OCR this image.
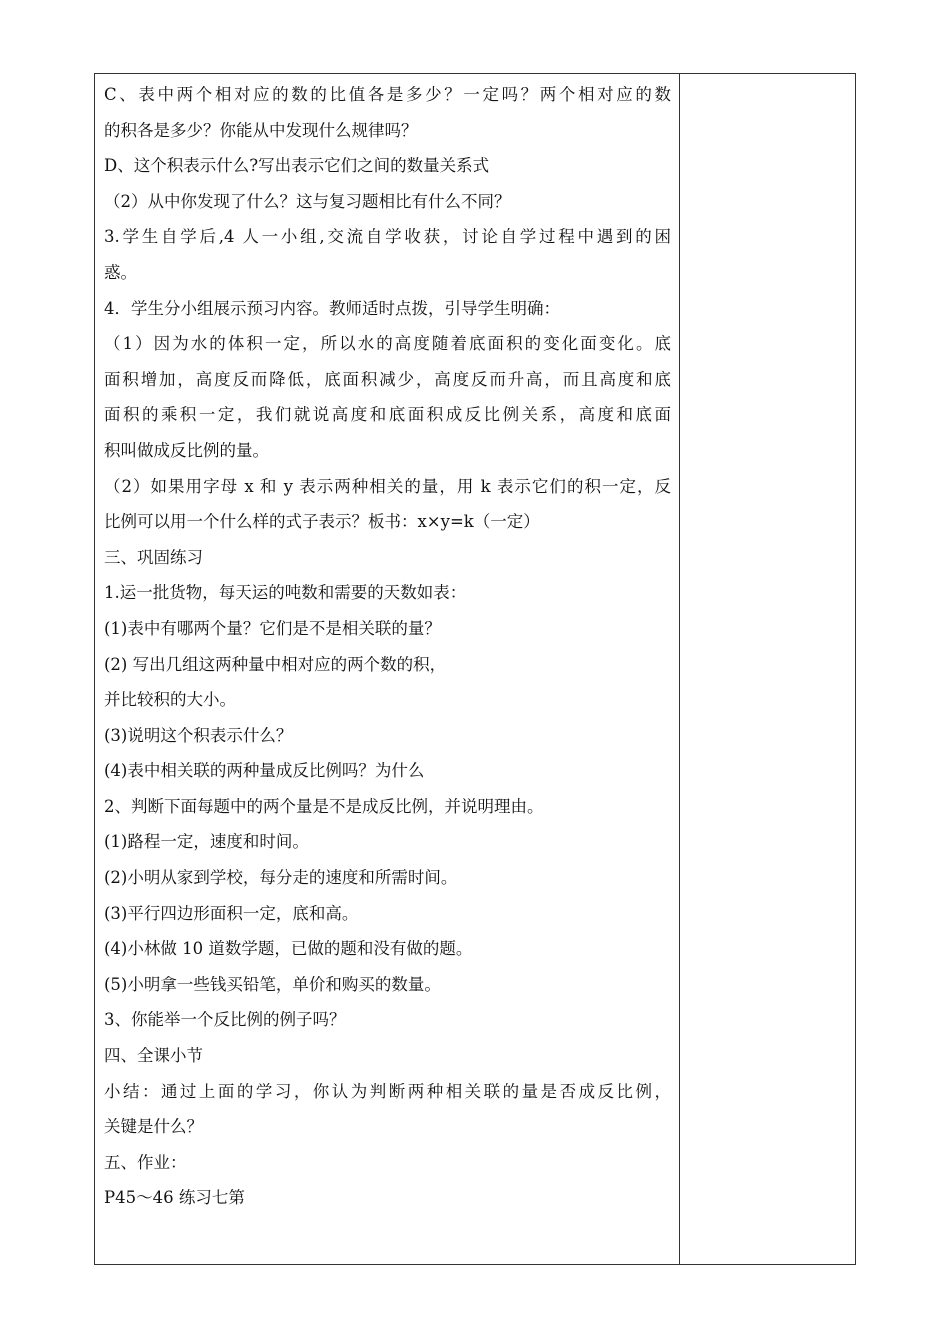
C、表中两个相对应的数的比值各是多少？一定吗？两个相对应的数
的积各是多少？你能从中发现什么规律吗？
D、这个积表示什么?写出表示它们之间的数量关系式
（2）从中你发现了什么？这与复习题相比有什么不同？
3.学生自学后,4 人一小组,交流自学收获，讨论自学过程中遇到的困
惑。
4．学生分小组展示预习内容。教师适时点拨，引导学生明确：
（1）因为水的体积一定，所以水的高度随着底面积的变化面变化。底
面积增加，高度反而降低，底面积减少，高度反而升高，而且高度和底
面积的乘积一定，我们就说高度和底面积成反比例关系，高度和底面
积叫做成反比例的量。
（2）如果用字母 x 和 y 表示两种相关的量，用 k 表示它们的积一定，反
比例可以用一个什么样的式子表示？板书：x×y=k（一定）
三、巩固练习
1.运一批货物，每天运的吨数和需要的天数如表：
(1)表中有哪两个量？它们是不是相关联的量？
(2) 写出几组这两种量中相对应的两个数的积，
并比较积的大小。
(3)说明这个积表示什么？
(4)表中相关联的两种量成反比例吗？为什么
2、判断下面每题中的两个量是不是成反比例，并说明理由。
(1)路程一定，速度和时间。
(2)小明从家到学校，每分走的速度和所需时间。
(3)平行四边形面积一定，底和高。
(4)小林做 10 道数学题，已做的题和没有做的题。
(5)小明拿一些钱买铅笔，单价和购买的数量。
3、你能举一个反比例的例子吗？
四、全课小节
小结：通过上面的学习，你认为判断两种相关联的量是否成反比例，
关键是什么？
五、作业：
P45～46 练习七第
